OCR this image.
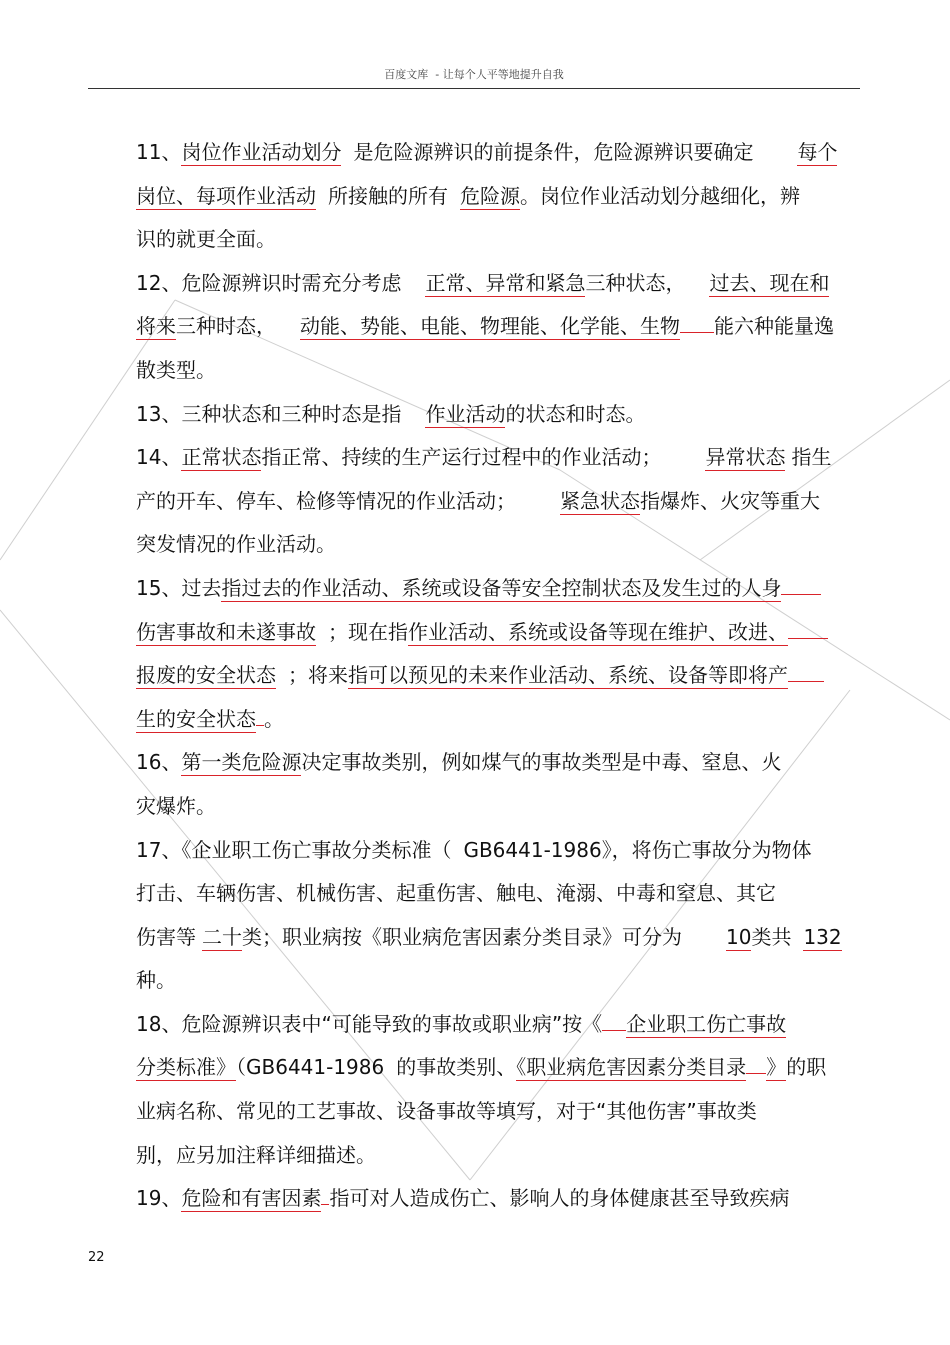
百度文库  - 让每个人平等地提升自我
11、岗位作业活动划分 是危险源辨识的前提条件，危险源辨识要确定 每个
岗位、每项作业活动 所接触的所有 危险源。岗位作业活动划分越细化，辨
识的就更全面。
12、危险源辨识时需充分考虑 正常、异常和紧急三种状态， 过去、现在和
将来三种时态， 动能、势能、电能、物理能、化学能、生物 能六种能量逸
散类型。
13、三种状态和三种时态是指 作业活动的状态和时态。
14、正常状态指正常、持续的生产运行过程中的作业活动； 异常状态 指生
产的开车、停车、检修等情况的作业活动； 紧急状态指爆炸、火灾等重大
突发情况的作业活动。
15、过去指过去的作业活动、系统或设备等安全控制状态及发生过的人身
伤害事故和未遂事故 ；现在指作业活动、系统或设备等现在维护、改进、
报废的安全状态 ；将来指可以预见的未来作业活动、系统、设备等即将产
生的安全状态 。
16、第一类危险源决定事故类别，例如煤气的事故类型是中毒、窒息、火
灾爆炸。
17、《企业职工伤亡事故分类标准（ GB6441-1986》，将伤亡事故分为物体
打击、车辆伤害、机械伤害、起重伤害、触电、淹溺、中毒和窒息、其它
伤害等 二十类；职业病按《职业病危害因素分类目录》可分为 10类共 132
种。
18、危险源辨识表中“可能导致的事故或职业病”按《 企业职工伤亡事故
分类标准》（GB6441-1986 的事故类别、《职业病危害因素分类目录 》的职
业病名称、常见的工艺事故、设备事故等填写，对于“其他伤害”事故类
别，应另加注释详细描述。
19、危险和有害因素 指可对人造成伤亡、影响人的身体健康甚至导致疾病
22
